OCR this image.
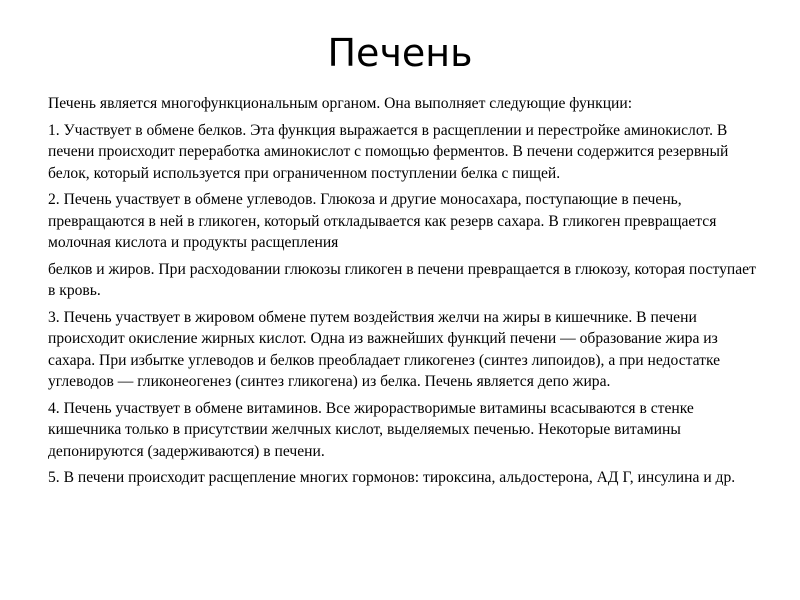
Печень

Печень является многофункциональным органом. Она выполняет следующие функции:

1. Участвует в обмене белков. Эта функция выражается в расщеплении и перестройке аминокислот. В печени происходит переработка аминокислот с помощью ферментов. В печени содержится резервный белок, который используется при ограниченном поступлении белка с пищей.

2. Печень участвует в обмене углеводов. Глюкоза и другие моносахара, поступающие в печень, превращаются в ней в гликоген, который откладывается как резерв сахара. В гликоген превращается молочная кислота и продукты расщепления

белков и жиров. При расходовании глюкозы гликоген в печени превращается в глюкозу, которая поступает в кровь.

3. Печень участвует в жировом обмене путем воздействия желчи на жиры в кишечнике. В печени происходит окисление жирных кислот. Одна из важнейших функций печени — образование жира из сахара. При избытке углеводов и белков преобладает гликогенез (синтез липоидов), а при недостатке углеводов — гликонеогенез (синтез гликогена) из белка. Печень является депо жира.

4. Печень участвует в обмене витаминов. Все жирорастворимые витамины всасываются в стенке кишечника только в присутствии желчных кислот, выделяемых печенью. Некоторые витамины депонируются (задерживаются) в печени.

5. В печени происходит расщепление многих гормонов: тироксина, альдостерона, АД Г, инсулина и др.
